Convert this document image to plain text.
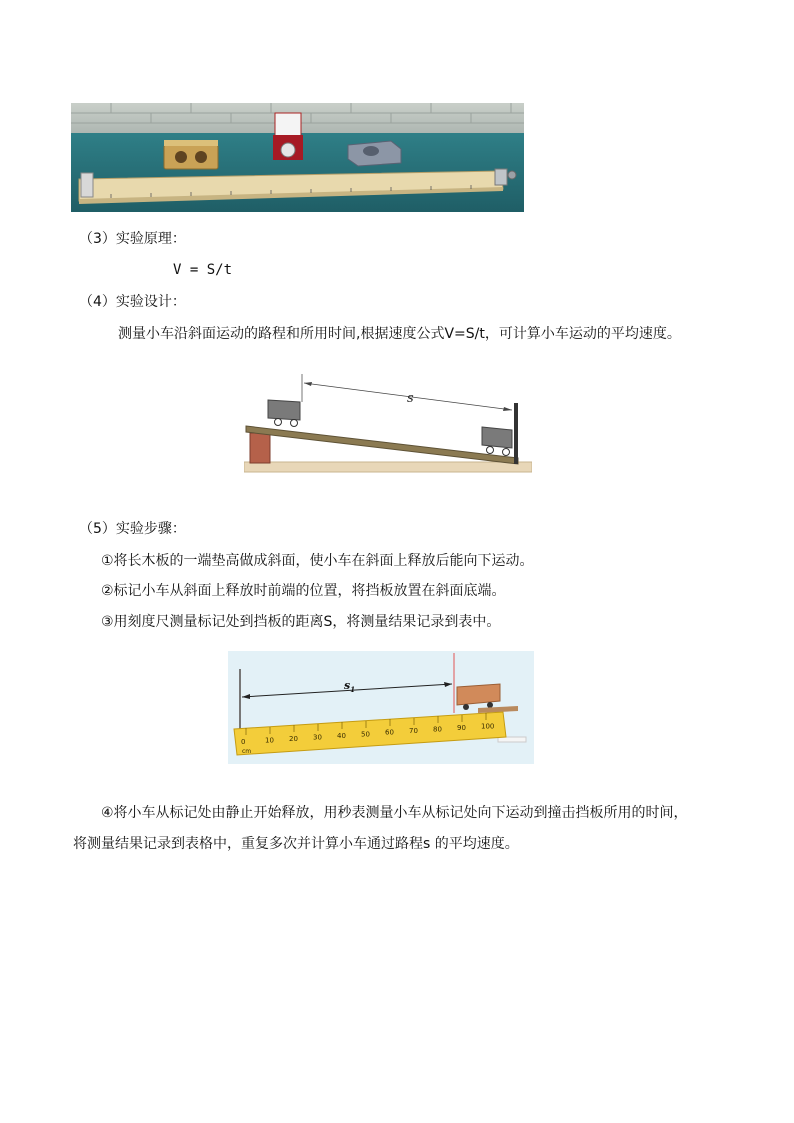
（3）实验原理：
V = S/t
（4）实验设计：
测量小车沿斜面运动的路程和所用时间,根据速度公式V=S/t，可计算小车运动的平均速度。
s
（5）实验步骤：
①将长木板的一端垫高做成斜面，使小车在斜面上释放后能向下运动。
②标记小车从斜面上释放时前端的位置，将挡板放置在斜面底端。
③用刻度尺测量标记处到挡板的距离S，将测量结果记录到表中。
$s_1$
0	10 20 30 40 50 60 70 80 90 100
cm
④将小车从标记处由静止开始释放，用秒表测量小车从标记处向下运动到撞击挡板所用的时间，
将测量结果记录到表格中，重复多次并计算小车通过路程s 的平均速度。
